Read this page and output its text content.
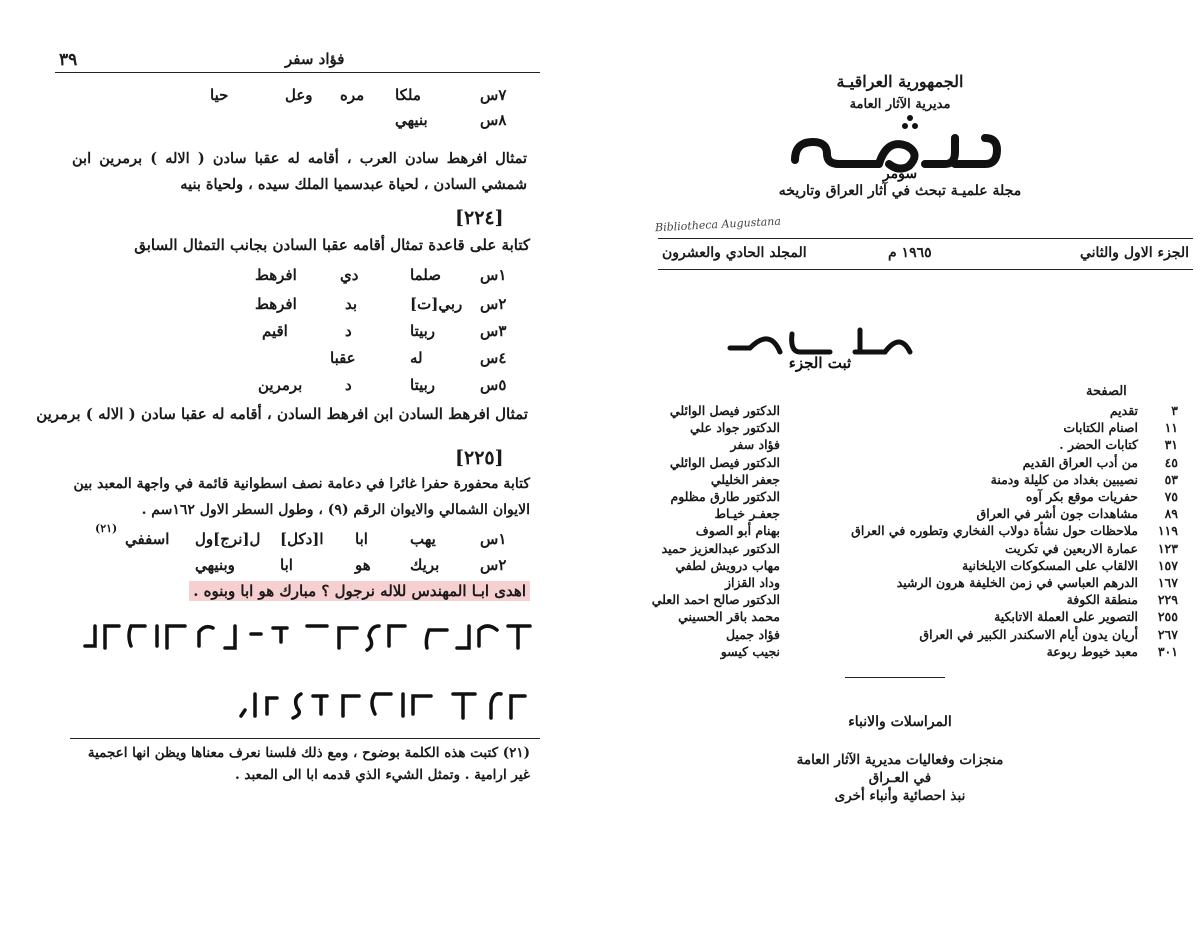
٣٩	فؤاد سفر
٧س
ملكا
مره
وعل
حيا
٨س
بنيهي
تمثال افرهط سادن العرب ، أقامه له عقبا سادن ( الاله ) برمرين ابن شمشي السادن ، لحياة عبدسميا الملك سيده ، ولحياة بنيه
[٢٢٤]
كتابة على قاعدة تمثال أقامه عقبا السادن بجانب التمثال السابق
١س
صلما
دي
افرهط
٢س
ربي[ت]
بد
افرهط
٣س
ربيتا
د
اقيم
٤س
له
عقبا
٥س
ربيتا
د
برمرين
تمثال افرهط السادن ابن افرهط السادن ، أقامه له عقبا سادن ( الاله ) برمرين
[٢٢٥]
كتابة محفورة حفرا غائرا في دعامة نصف اسطوانية قائمة في واجهة المعبد بين
الايوان الشمالي والايوان الرقم (٩) ، وطول السطر الاول ١٦٢سم .
١س
يهب
ابا
ا[دكل]
ل[نرج]ول
اسففي
(٢١)
٢س
بريك
هو
ابا
وبنيهي
اهدى ابـا المهندس للاله نرجول ؟ مبارك هو ابا وبنوه .
(٢١) كتبت هذه الكلمة بوضوح ، ومع ذلك فلسنا نعرف معناها ويظن انها اعجمية غير ارامية . وتمثل الشيء الذي قدمه ابا الى المعبد .
الجمهورية العراقيـة
مديرية الآثار العامة
سومر
مجلة علميـة تبحث في آثار العراق وتاريخه
الجزء الاول والثاني
١٩٦٥ م
المجلد الحادي والعشرون
ثبت الجزء
الصفحة
٣
تقديم
الدكتور فيصل الوائلي
١١
اصنام الكتابات
الدكتور جواد علي
٣١
كتابات الحضر .
فؤاد سفر
٤٥
من أدب العراق القديم
الدكتور فيصل الوائلي
٥٣
نصيبين بغداد من كليلة ودمنة
جعفر الخليلي
٧٥
حفريات موقع بكر آوه
الدكتور طارق مظلوم
٨٩
مشاهدات جون أشر في العراق
جعفـر خيـاط
١١٩
ملاحظات حول نشأة دولاب الفخاري وتطوره في العراق
بهنام أبو الصوف
١٢٣
عمارة الاربعين في تكريت
الدكتور عبدالعزيز حميد
١٥٧
الالقاب على المسكوكات الايلخانية
مهاب درويش لطفي
١٦٧
الدرهم العباسي في زمن الخليفة هرون الرشيد
وداد القزاز
٢٢٩
منطقة الكوفة
الدكتور صالح احمد العلي
٢٥٥
التصوير على العملة الاتابكية
محمد باقر الحسيني
٢٦٧
أريان يدون أيام الاسكندر الكبير في العراق
فؤاد جميل
٣٠١
معبد خيوط ربوعة
نجيب كيسو
المراسلات والانباء
منجزات وفعاليات مديرية الآثار العامة
في العـراق
نبذ احصائية وأنباء أخرى
Bibliotheca Augustana
